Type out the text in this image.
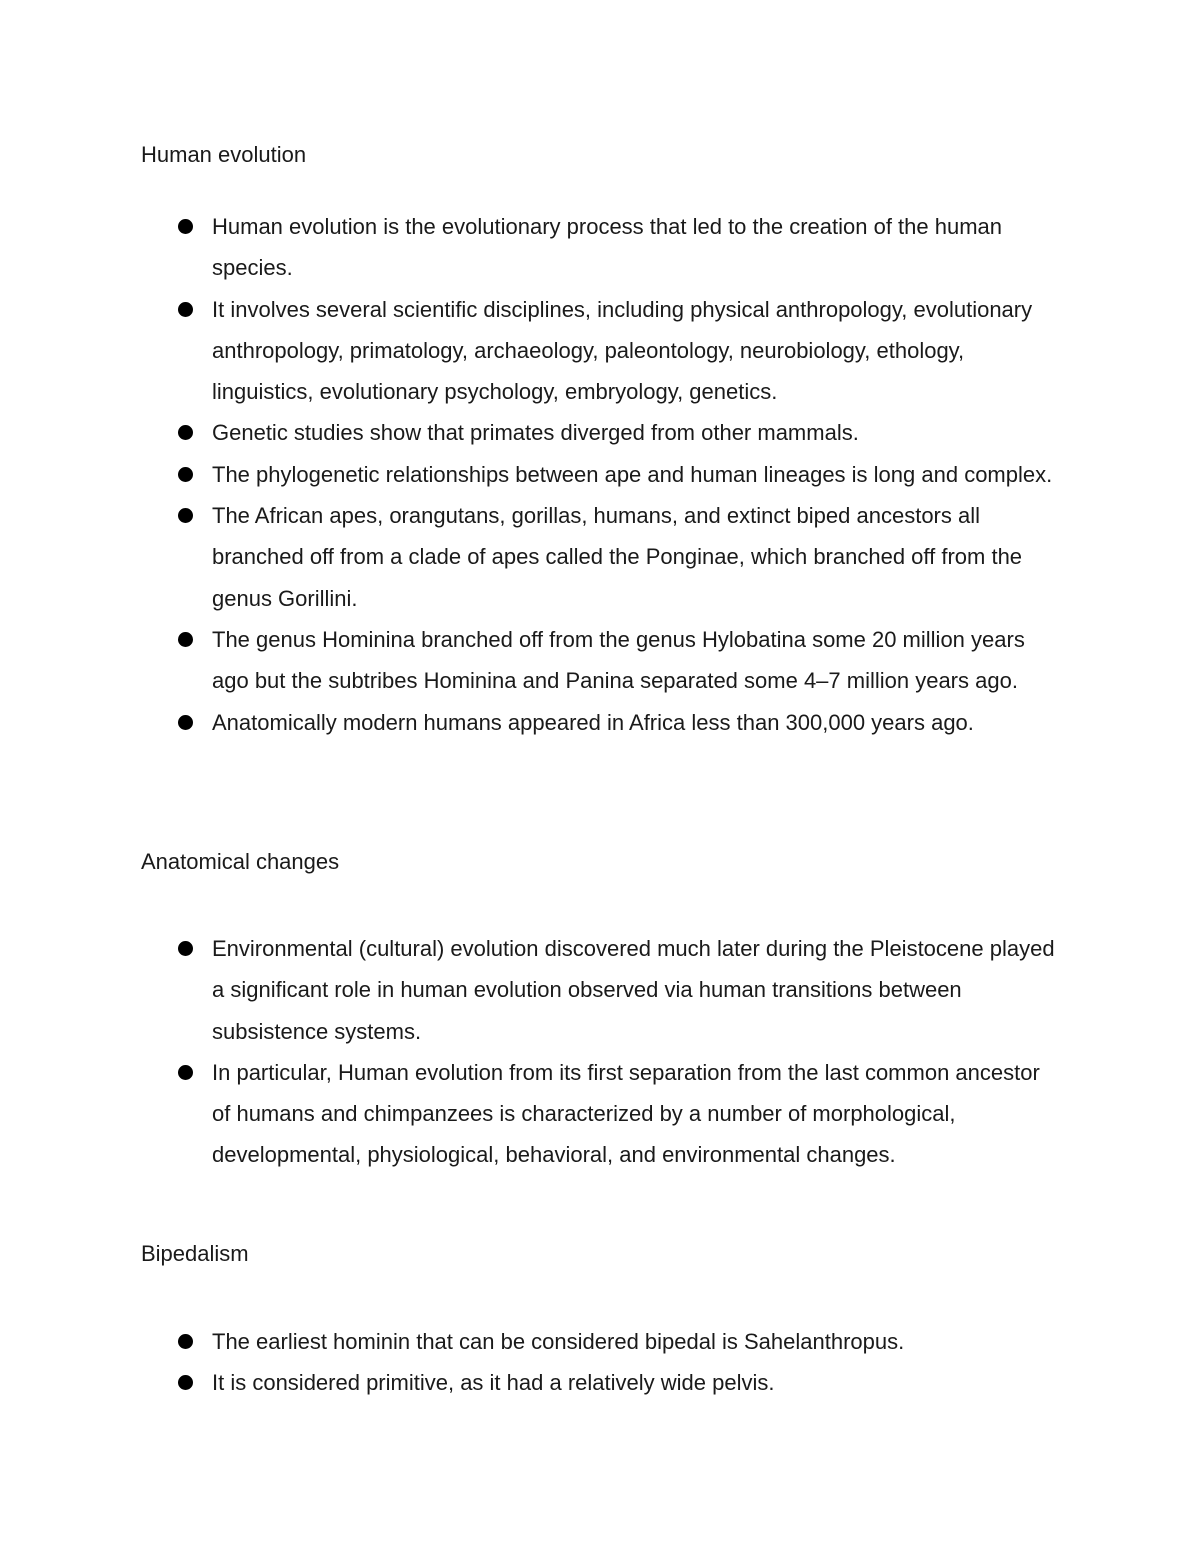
Human evolution
Human evolution is the evolutionary process that led to the creation of the human species.
It involves several scientific disciplines, including physical anthropology, evolutionary anthropology, primatology, archaeology, paleontology, neurobiology, ethology, linguistics, evolutionary psychology, embryology, genetics.
Genetic studies show that primates diverged from other mammals.
The phylogenetic relationships between ape and human lineages is long and complex.
The African apes, orangutans, gorillas, humans, and extinct biped ancestors all branched off from a clade of apes called the Ponginae, which branched off from the genus Gorillini.
The genus Hominina branched off from the genus Hylobatina some 20 million years ago but the subtribes Hominina and Panina separated some 4–7 million years ago.
Anatomically modern humans appeared in Africa less than 300,000 years ago.
Anatomical changes
Environmental (cultural) evolution discovered much later during the Pleistocene played a significant role in human evolution observed via human transitions between subsistence systems.
In particular, Human evolution from its first separation from the last common ancestor of humans and chimpanzees is characterized by a number of morphological, developmental, physiological, behavioral, and environmental changes.
Bipedalism
The earliest hominin that can be considered bipedal is Sahelanthropus.
It is considered primitive, as it had a relatively wide pelvis.
